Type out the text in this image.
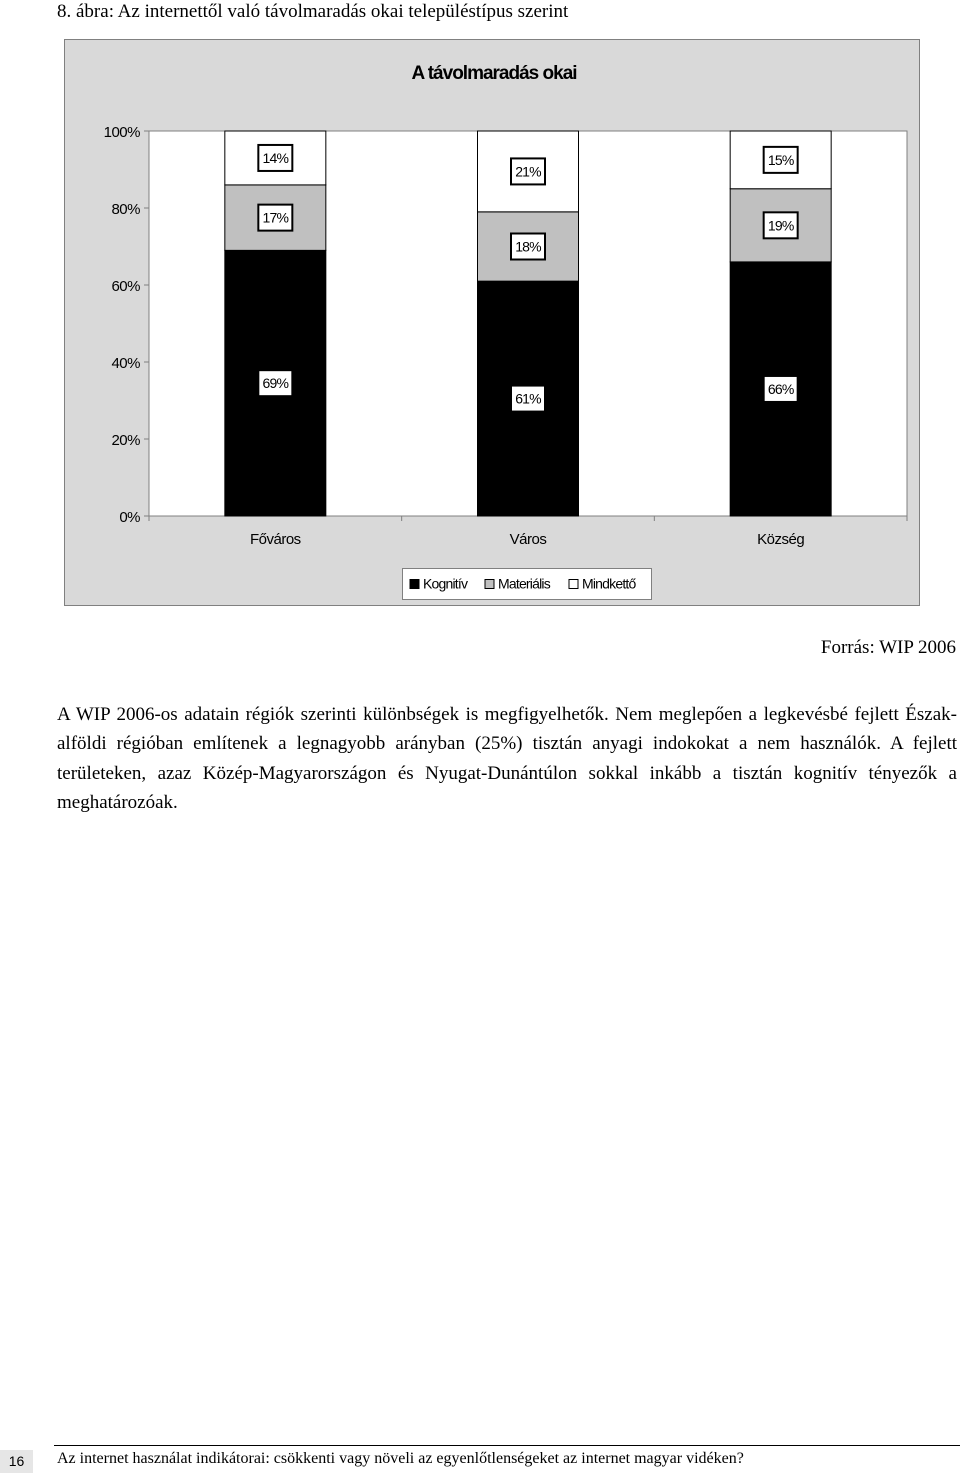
8. ábra: Az internettől való távolmaradás okai településtípus szerint
A távolmaradás okai
0%
20%
40%
60%
80%
100%
Főváros	Város	Község
69%
17%
14%
61%
18%
21%
66%
19%
15%
Kognitív Materiális Mindkettő
Forrás: WIP 2006

A WIP 2006-os adatain régiók szerinti különbségek is megfigyelhetők. Nem meglepően a legkevésbé fejlett Észak-alföldi régióban említenek a legnagyobb arányban (25%) tisztán anyagi indokokat a nem használók. A fejlett területeken, azaz Közép-Magyarországon és Nyugat-Dunántúlon sokkal inkább a tisztán kognitív tényezők a meghatározóak.

16	Az internet használat indikátorai: csökkenti vagy növeli az egyenlőtlenségeket az internet magyar vidéken?
